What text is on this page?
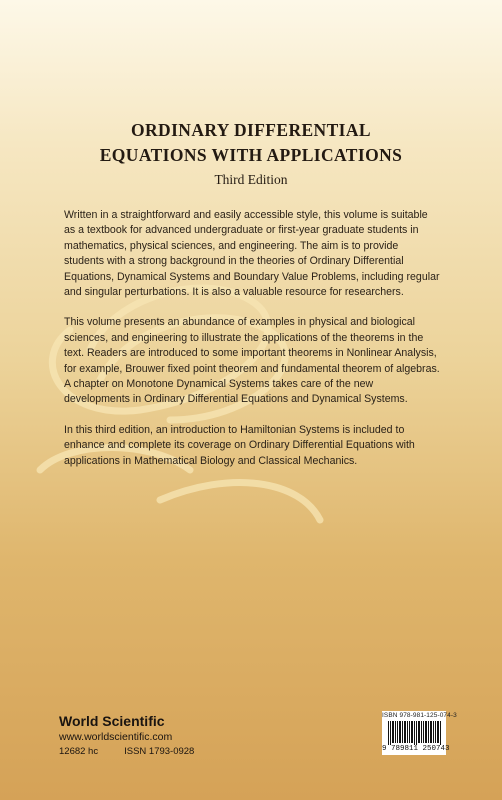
ORDINARY DIFFERENTIAL
EQUATIONS WITH APPLICATIONS
Third Edition

Written in a straightforward and easily accessible style, this volume is suitable as a textbook for advanced undergraduate or first-year graduate students in mathematics, physical sciences, and engineering. The aim is to provide students with a strong background in the theories of Ordinary Differential Equations, Dynamical Systems and Boundary Value Problems, including regular and singular perturbations. It is also a valuable resource for researchers.

This volume presents an abundance of examples in physical and biological sciences, and engineering to illustrate the applications of the theorems in the text. Readers are introduced to some important theorems in Nonlinear Analysis, for example, Brouwer fixed point theorem and fundamental theorem of algebras. A chapter on Monotone Dynamical Systems takes care of the new developments in Ordinary Differential Equations and Dynamical Systems.

In this third edition, an introduction to Hamiltonian Systems is included to enhance and complete its coverage on Ordinary Differential Equations with applications in Mathematical Biology and Classical Mechanics.

World Scientific
www.worldscientific.com
12682 hc	ISSN 1793-0928
ISBN 978-981-125-074-3
9 789811 250743
